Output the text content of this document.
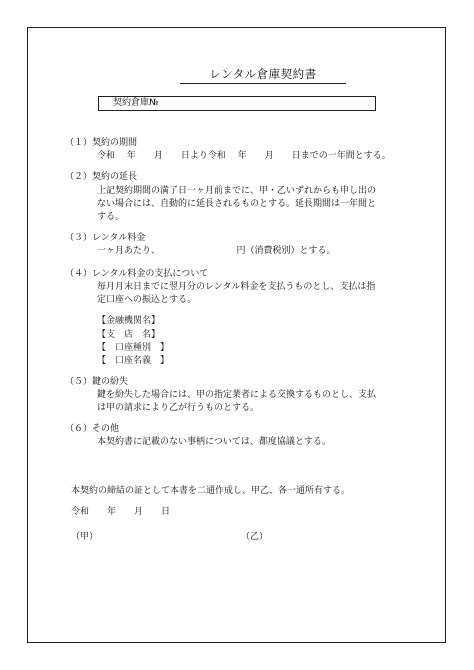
レンタル倉庫契約書
契約倉庫№
（１）契約の期間
令和　 年　　月　　日より令和　 年　　月　　日までの一年間とする。
（２）契約の延長
上記契約期間の満了日一ヶ月前までに、甲・乙いずれからも申し出の
ない場合には、自動的に延長されるものとする。延長期間は一年間と
する。
（３）レンタル料金
一ヶ月あたり、　　　　　　　　　円（消費税別）とする。
（４）レンタル料金の支払について
毎月月末日までに翌月分のレンタル料金を支払うものとし、支払は指
定口座への振込とする。
【金融機関名】
【支　店　名】
【　口座種別　】
【　口座名義　】
（５）鍵の紛失
鍵を紛失した場合には、甲の指定業者による交換するものとし、支払
は甲の請求により乙が行うものとする。
（６）その他
本契約書に記載のない事柄については、都度協議とする。
本契約の締結の証として本書を二通作成し、甲乙、各一通所有する。
令和　　年　　月　　日
（甲）	（乙）
